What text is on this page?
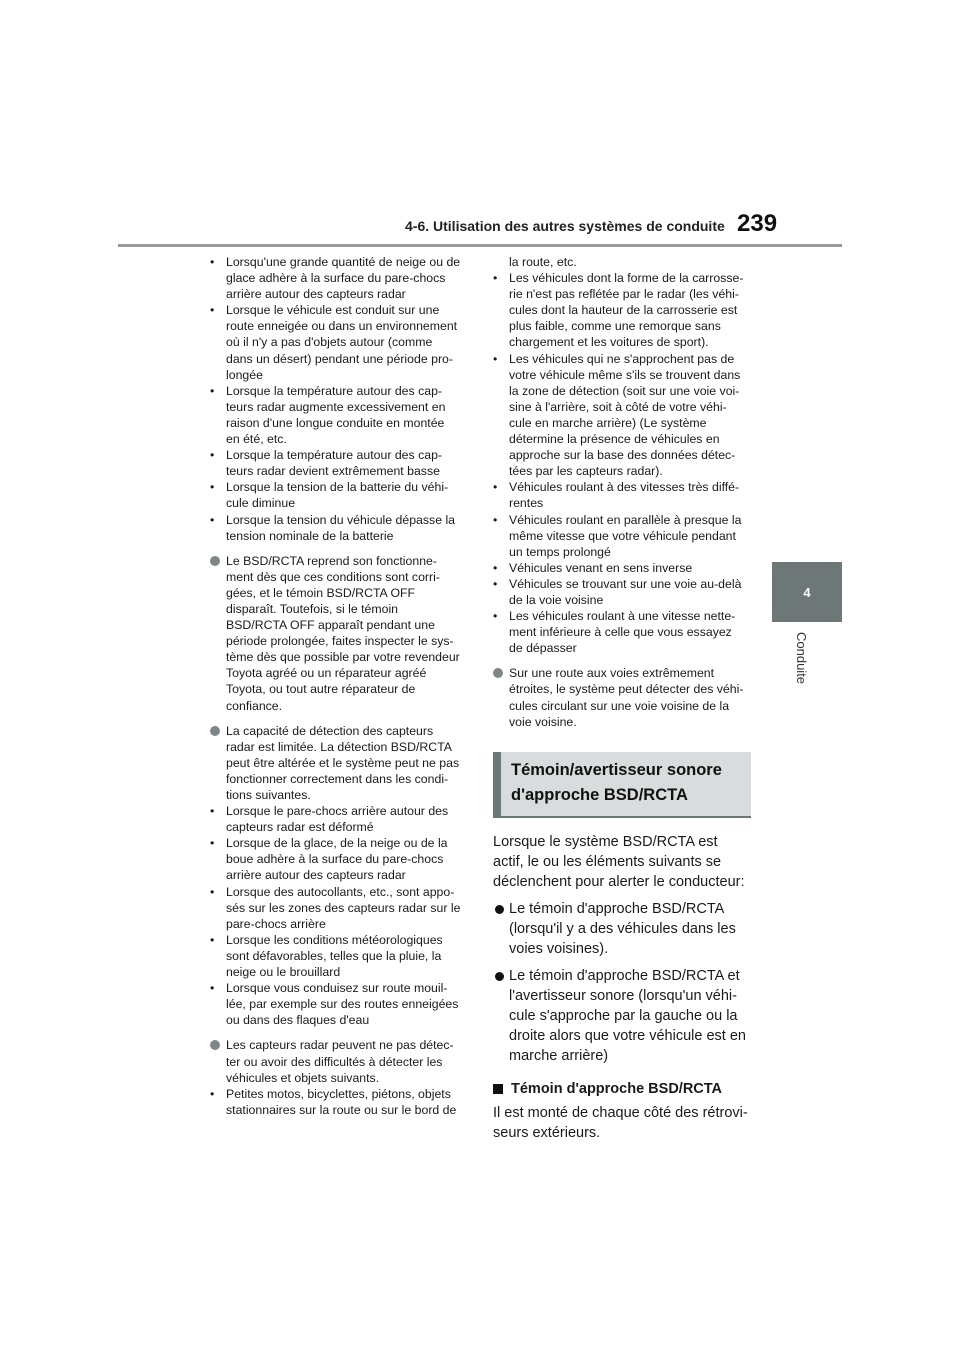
4-6. Utilisation des autres systèmes de conduite 239
4
Conduite
• Lorsqu'une grande quantité de neige ou de
glace adhère à la surface du pare-chocs
arrière autour des capteurs radar
• Lorsque le véhicule est conduit sur une
route enneigée ou dans un environnement
où il n'y a pas d'objets autour (comme
dans un désert) pendant une période pro-
longée
• Lorsque la température autour des cap-
teurs radar augmente excessivement en
raison d'une longue conduite en montée
en été, etc.
• Lorsque la température autour des cap-
teurs radar devient extrêmement basse
• Lorsque la tension de la batterie du véhi-
cule diminue
• Lorsque la tension du véhicule dépasse la
tension nominale de la batterie
Le BSD/RCTA reprend son fonctionne-
ment dès que ces conditions sont corri-
gées, et le témoin BSD/RCTA OFF
disparaît. Toutefois, si le témoin
BSD/RCTA OFF apparaît pendant une
période prolongée, faites inspecter le sys-
tème dès que possible par votre revendeur
Toyota agréé ou un réparateur agréé
Toyota, ou tout autre réparateur de
confiance.
La capacité de détection des capteurs
radar est limitée. La détection BSD/RCTA
peut être altérée et le système peut ne pas
fonctionner correctement dans les condi-
tions suivantes.
• Lorsque le pare-chocs arrière autour des
capteurs radar est déformé
• Lorsque de la glace, de la neige ou de la
boue adhère à la surface du pare-chocs
arrière autour des capteurs radar
• Lorsque des autocollants, etc., sont appo-
sés sur les zones des capteurs radar sur le
pare-chocs arrière
• Lorsque les conditions météorologiques
sont défavorables, telles que la pluie, la
neige ou le brouillard
• Lorsque vous conduisez sur route mouil-
lée, par exemple sur des routes enneigées
ou dans des flaques d'eau
Les capteurs radar peuvent ne pas détec-
ter ou avoir des difficultés à détecter les
véhicules et objets suivants.
• Petites motos, bicyclettes, piétons, objets
stationnaires sur la route ou sur le bord de
la route, etc.
• Les véhicules dont la forme de la carrosse-
rie n'est pas reflétée par le radar (les véhi-
cules dont la hauteur de la carrosserie est
plus faible, comme une remorque sans
chargement et les voitures de sport).
• Les véhicules qui ne s'approchent pas de
votre véhicule même s'ils se trouvent dans
la zone de détection (soit sur une voie voi-
sine à l'arrière, soit à côté de votre véhi-
cule en marche arrière) (Le système
détermine la présence de véhicules en
approche sur la base des données détec-
tées par les capteurs radar).
• Véhicules roulant à des vitesses très diffé-
rentes
• Véhicules roulant en parallèle à presque la
même vitesse que votre véhicule pendant
un temps prolongé
• Véhicules venant en sens inverse
• Véhicules se trouvant sur une voie au-delà
de la voie voisine
• Les véhicules roulant à une vitesse nette-
ment inférieure à celle que vous essayez
de dépasser
Sur une route aux voies extrêmement
étroites, le système peut détecter des véhi-
cules circulant sur une voie voisine de la
voie voisine.
Témoin/avertisseur sonore
d'approche BSD/RCTA
Lorsque le système BSD/RCTA est
actif, le ou les éléments suivants se
déclenchent pour alerter le conducteur:
Le témoin d'approche BSD/RCTA
(lorsqu'il y a des véhicules dans les
voies voisines).
Le témoin d'approche BSD/RCTA et
l'avertisseur sonore (lorsqu'un véhi-
cule s'approche par la gauche ou la
droite alors que votre véhicule est en
marche arrière)
Témoin d'approche BSD/RCTA
Il est monté de chaque côté des rétrovi-
seurs extérieurs.
